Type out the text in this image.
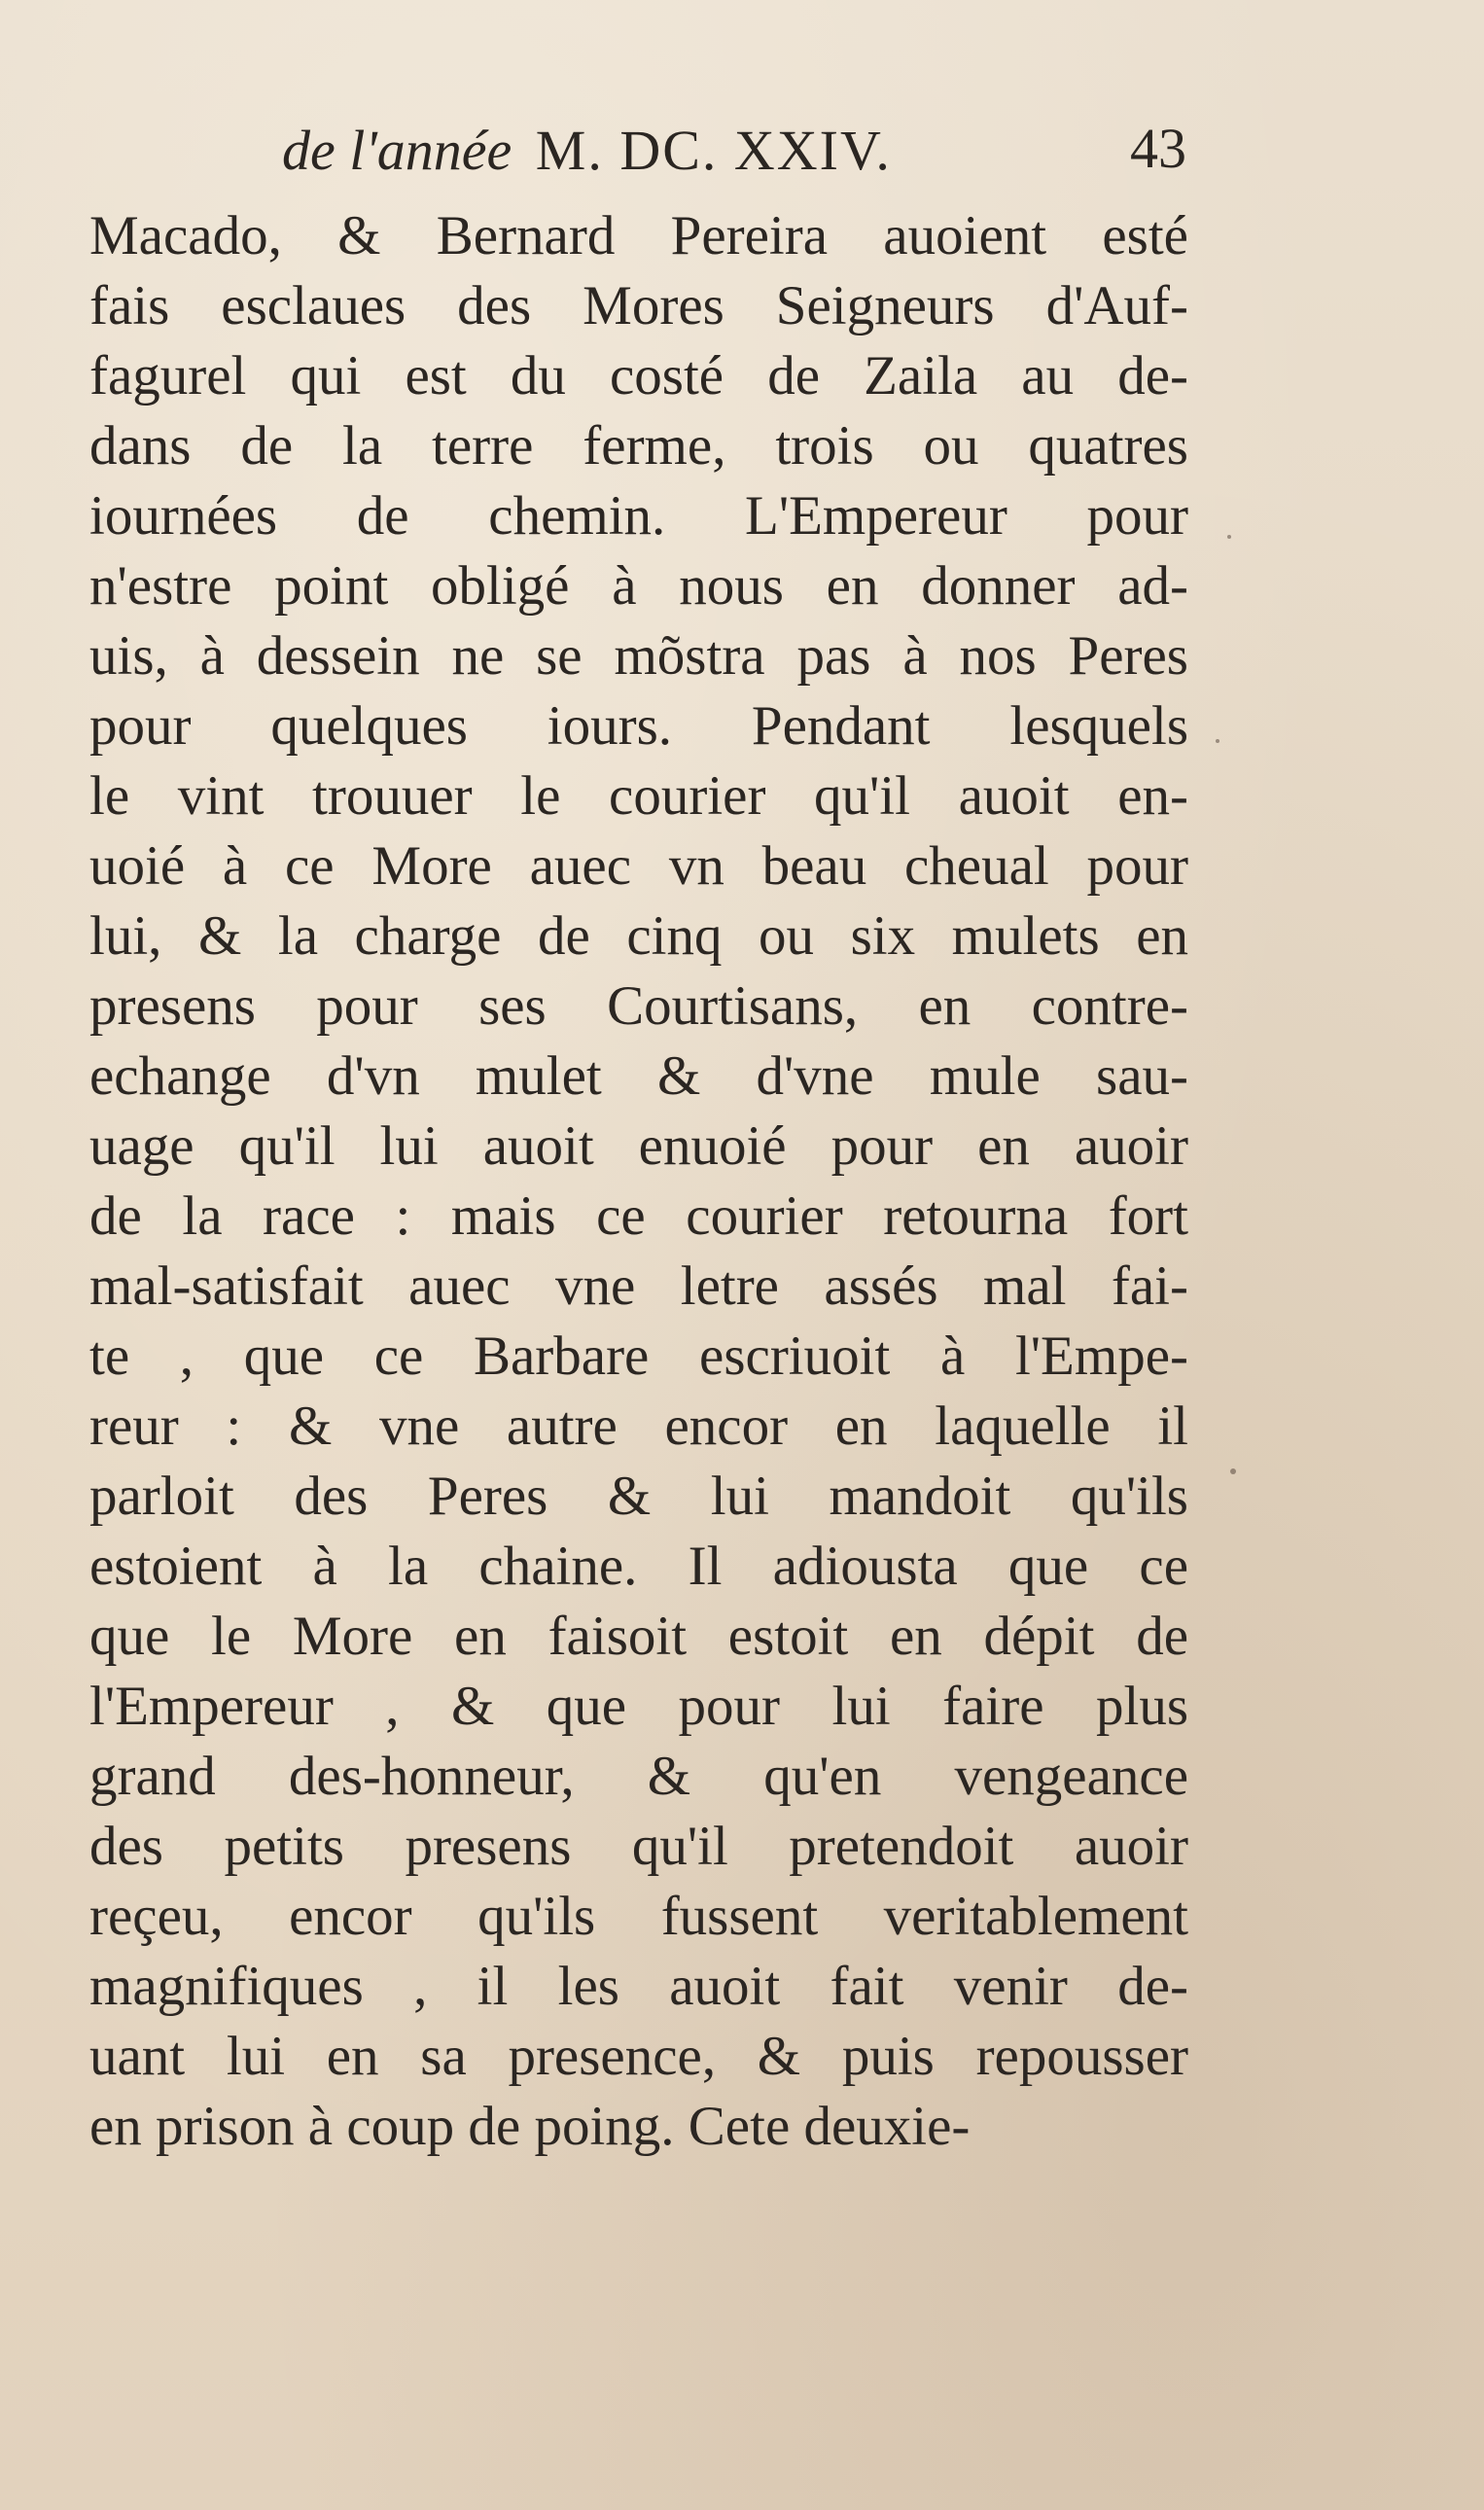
de l'année M. DC. XXIV.	43
Macado, & Bernard Pereira auoient esté
fais esclaues des Mores Seigneurs d'Auf-
fagurel qui est du costé de Zaila au de-
dans de la terre ferme, trois ou quatres
iournées de chemin. L'Empereur pour
n'estre point obligé à nous en donner ad-
uis, à dessein ne se mõstra pas à nos Peres
pour quelques iours. Pendant lesquels
le vint trouuer le courier qu'il auoit en-
uoié à ce More auec vn beau cheual pour
lui, & la charge de cinq ou six mulets en
presens pour ses Courtisans, en contre-
echange d'vn mulet & d'vne mule sau-
uage qu'il lui auoit enuoié pour en auoir
de la race : mais ce courier retourna fort
mal-satisfait auec vne letre assés mal fai-
te , que ce Barbare escriuoit à l'Empe-
reur : & vne autre encor en laquelle il
parloit des Peres & lui mandoit qu'ils
estoient à la chaine. Il adiousta que ce
que le More en faisoit estoit en dépit de
l'Empereur , & que pour lui faire plus
grand des-honneur, & qu'en vengeance
des petits presens qu'il pretendoit auoir
reçeu, encor qu'ils fussent veritablement
magnifiques , il les auoit fait venir de-
uant lui en sa presence, & puis repousser
en prison à coup de poing. Cete deuxie-
